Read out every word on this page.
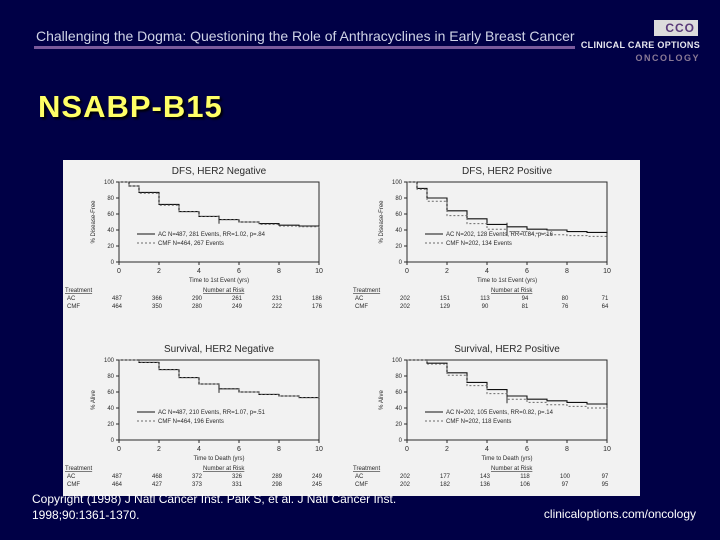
Challenging the Dogma: Questioning the Role of Anthracyclines in Early Breast Cancer	CCO
CLINICAL CARE OPTIONS
ONCOLOGY
NSABP-B15
DFS, HER2 Negative
% Disease-Free
0
20
40
60
80
100
0	2	4	6	8	10
Time to 1st Event (yrs)
AC N=487, 281 Events, RR=1.02, p=.84
CMF N=464, 267 Events
Treatment	Number at Risk
AC	487	366	290	261	231	186
CMF	464	350	280	249	222	176
DFS, HER2 Positive
% Disease-Free
0
20
40
60
80
100
0	2	4	6	8	10
Time to 1st Event (yrs)
AC N=202, 128 Events, RR=0.84, p=.16
CMF N=202, 134 Events
Treatment	Number at Risk
AC	202	151	113	94	80	71
CMF	202	129	90	81	76	64
Survival, HER2 Negative
% Alive
0
20
40
60
80
100
0	2	4	6	8	10
Time to Death (yrs)
AC N=487, 210 Events, RR=1.07, p=.51
CMF N=464, 196 Events
Treatment	Number at Risk
AC	487	468	372	326	289	249
CMF	464	427	373	331	298	245
Survival, HER2 Positive
% Alive
0
20
40
60
80
100
0	2	4	6	8	10
Time to Death (yrs)
AC N=202, 105 Events, RR=0.82, p=.14
CMF N=202, 118 Events
Treatment	Number at Risk
AC	202	177	143	118	100	97
CMF	202	182	136	106	97	95
Copyright (1998) J Natl Cancer Inst. Paik S, et al. J Natl Cancer Inst.
1998;90:1361-1370.	clinicaloptions.com/oncology
